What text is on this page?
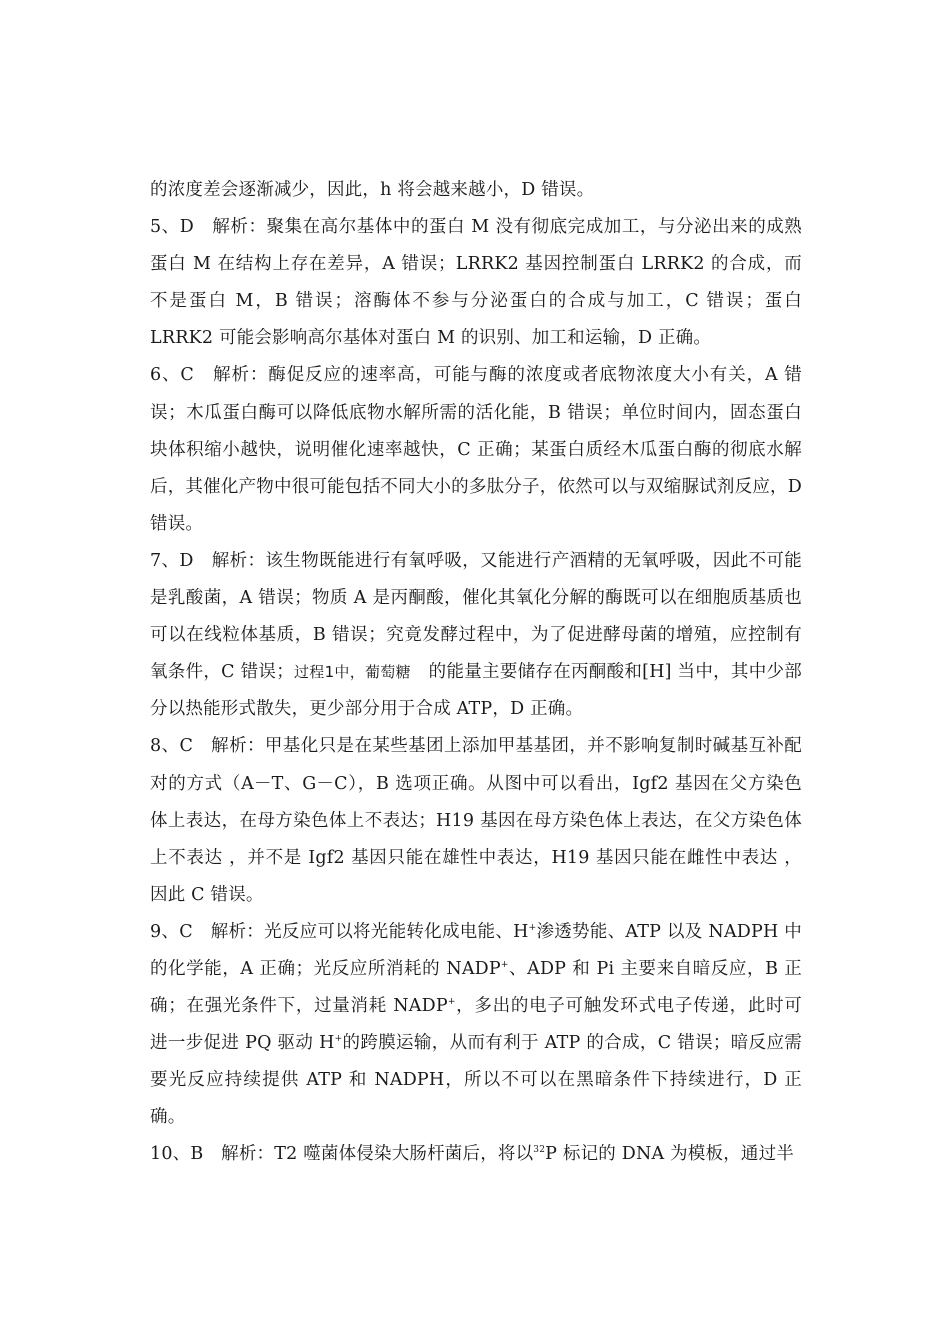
的浓度差会逐渐减少，因此，h 将会越来越小，D 错误。

5、D　解析：聚集在高尔基体中的蛋白 M 没有彻底完成加工，与分泌出来的成熟蛋白 M 在结构上存在差异，A 错误；LRRK2 基因控制蛋白 LRRK2 的合成，而不是蛋白 M，B 错误；溶酶体不参与分泌蛋白的合成与加工，C 错误；蛋白 LRRK2 可能会影响高尔基体对蛋白 M 的识别、加工和运输，D 正确。

6、C　解析：酶促反应的速率高，可能与酶的浓度或者底物浓度大小有关，A 错误；木瓜蛋白酶可以降低底物水解所需的活化能，B 错误；单位时间内，固态蛋白块体积缩小越快，说明催化速率越快，C 正确；某蛋白质经木瓜蛋白酶的彻底水解后，其催化产物中很可能包括不同大小的多肽分子，依然可以与双缩脲试剂反应，D 错误。

7、D　解析：该生物既能进行有氧呼吸，又能进行产酒精的无氧呼吸，因此不可能是乳酸菌，A 错误；物质 A 是丙酮酸，催化其氧化分解的酶既可以在细胞质基质也可以在线粒体基质，B 错误；究竟发酵过程中，为了促进酵母菌的增殖，应控制有氧条件，C 错误；过程1中，葡萄糖　 的能量主要储存在丙酮酸和[H] 当中，其中少部分以热能形式散失，更少部分用于合成 ATP，D 正确。

8、C　解析：甲基化只是在某些基团上添加甲基基团，并不影响复制时碱基互补配对的方式（A－T、G－C），B 选项正确。从图中可以看出，Igf2 基因在父方染色体上表达，在母方染色体上不表达；H19 基因在母方染色体上表达，在父方染色体上不表达 ，并不是 Igf2 基因只能在雄性中表达，H19 基因只能在雌性中表达 ，因此 C 错误。

9、C　解析：光反应可以将光能转化成电能、H+渗透势能、ATP 以及 NADPH 中的化学能，A 正确；光反应所消耗的 NADP+、ADP 和 Pi 主要来自暗反应，B 正确；在强光条件下，过量消耗 NADP+，多出的电子可触发环式电子传递，此时可进一步促进 PQ 驱动 H+的跨膜运输，从而有利于 ATP 的合成，C 错误；暗反应需要光反应持续提供 ATP 和 NADPH，所以不可以在黑暗条件下持续进行，D 正确。

10、B　解析：T2 噬菌体侵染大肠杆菌后，将以$^{32}$P 标记的 DNA 为模板，通过半
